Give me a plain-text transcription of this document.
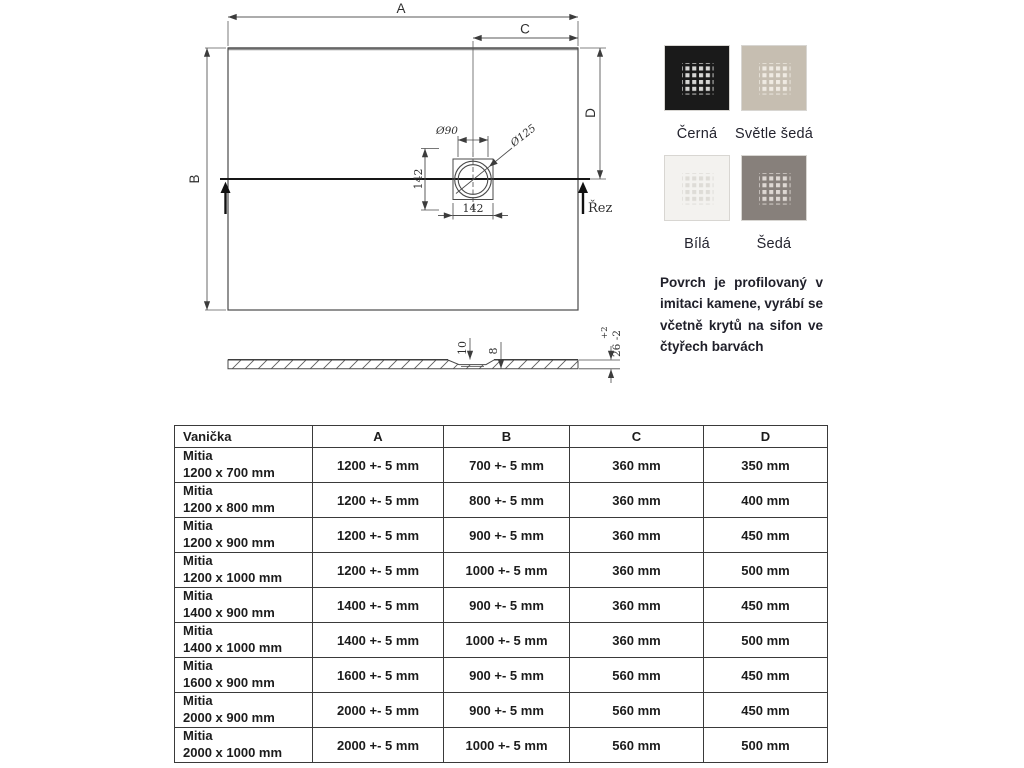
A
C
B
D
Řez
Ø125
Ø90
142
142
10 8
+2 26 -2
Černá Světle šedá
Bílá	Šedá
Povrch je profilovaný v imitaci kamene, vyrábí se včetně krytů na sifon ve čtyřech barvách
Vanička	A	B	C	D

Mitia
1200 x 700 mm	1200 +- 5 mm	700 +- 5 mm	360 mm	350 mm

Mitia
1200 x 800 mm	1200 +- 5 mm	800 +- 5 mm	360 mm	400 mm

Mitia
1200 x 900 mm	1200 +- 5 mm	900 +- 5 mm	360 mm	450 mm

Mitia
1200 x 1000 mm	1200 +- 5 mm	1000 +- 5 mm	360 mm	500 mm

Mitia
1400 x 900 mm	1400 +- 5 mm	900 +- 5 mm	360 mm	450 mm

Mitia
1400 x 1000 mm	1400 +- 5 mm	1000 +- 5 mm	360 mm	500 mm

Mitia
1600 x 900 mm	1600 +- 5 mm	900 +- 5 mm	560 mm	450 mm

Mitia
2000 x 900 mm	2000 +- 5 mm	900 +- 5 mm	560 mm	450 mm

Mitia
2000 x 1000 mm	2000 +- 5 mm	1000 +- 5 mm	560 mm	500 mm
